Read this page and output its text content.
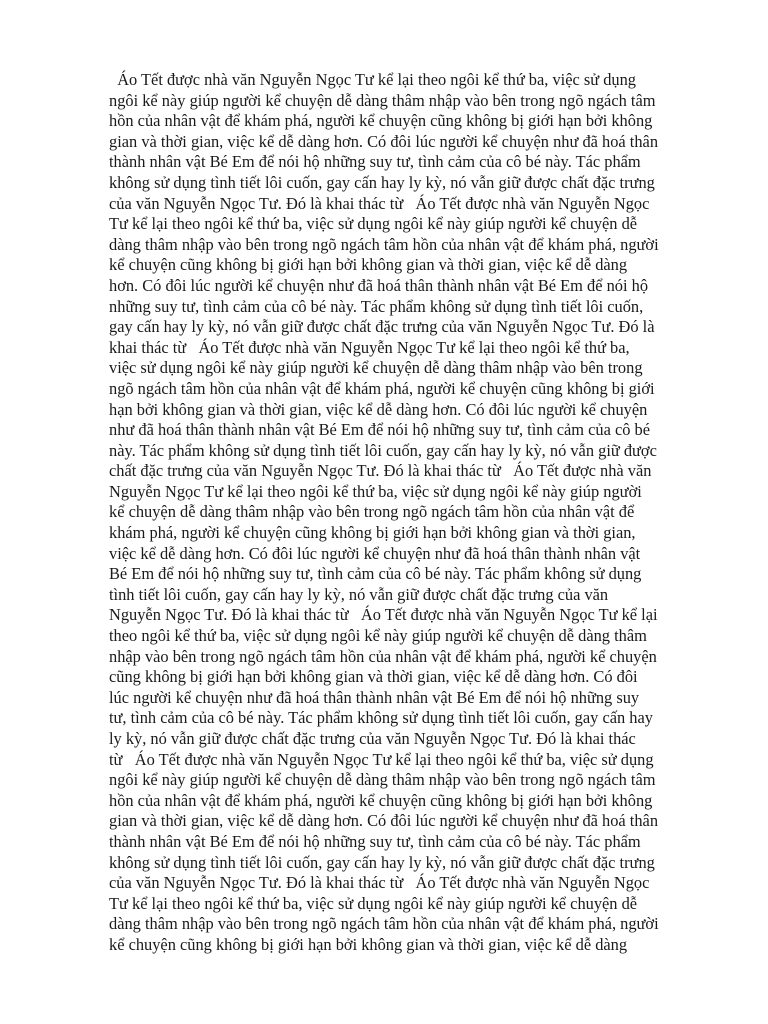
Áo Tết được nhà văn Nguyễn Ngọc Tư kể lại theo ngôi kể thứ ba, việc sử dụng
ngôi kể này giúp người kể chuyện dễ dàng thâm nhập vào bên trong ngõ ngách tâm
hồn của nhân vật để khám phá, người kể chuyện cũng không bị giới hạn bởi không
gian và thời gian, việc kể dễ dàng hơn. Có đôi lúc người kể chuyện như đã hoá thân
thành nhân vật Bé Em để nói hộ những suy tư, tình cảm của cô bé này. Tác phẩm
không sử dụng tình tiết lôi cuốn, gay cấn hay ly kỳ, nó vẫn giữ được chất đặc trưng
của văn Nguyễn Ngọc Tư. Đó là khai thác từ   Áo Tết được nhà văn Nguyễn Ngọc
Tư kể lại theo ngôi kể thứ ba, việc sử dụng ngôi kể này giúp người kể chuyện dễ
dàng thâm nhập vào bên trong ngõ ngách tâm hồn của nhân vật để khám phá, người
kể chuyện cũng không bị giới hạn bởi không gian và thời gian, việc kể dễ dàng
hơn. Có đôi lúc người kể chuyện như đã hoá thân thành nhân vật Bé Em để nói hộ
những suy tư, tình cảm của cô bé này. Tác phẩm không sử dụng tình tiết lôi cuốn,
gay cấn hay ly kỳ, nó vẫn giữ được chất đặc trưng của văn Nguyễn Ngọc Tư. Đó là
khai thác từ   Áo Tết được nhà văn Nguyễn Ngọc Tư kể lại theo ngôi kể thứ ba,
việc sử dụng ngôi kể này giúp người kể chuyện dễ dàng thâm nhập vào bên trong
ngõ ngách tâm hồn của nhân vật để khám phá, người kể chuyện cũng không bị giới
hạn bởi không gian và thời gian, việc kể dễ dàng hơn. Có đôi lúc người kể chuyện
như đã hoá thân thành nhân vật Bé Em để nói hộ những suy tư, tình cảm của cô bé
này. Tác phẩm không sử dụng tình tiết lôi cuốn, gay cấn hay ly kỳ, nó vẫn giữ được
chất đặc trưng của văn Nguyễn Ngọc Tư. Đó là khai thác từ   Áo Tết được nhà văn
Nguyễn Ngọc Tư kể lại theo ngôi kể thứ ba, việc sử dụng ngôi kể này giúp người
kể chuyện dễ dàng thâm nhập vào bên trong ngõ ngách tâm hồn của nhân vật để
khám phá, người kể chuyện cũng không bị giới hạn bởi không gian và thời gian,
việc kể dễ dàng hơn. Có đôi lúc người kể chuyện như đã hoá thân thành nhân vật
Bé Em để nói hộ những suy tư, tình cảm của cô bé này. Tác phẩm không sử dụng
tình tiết lôi cuốn, gay cấn hay ly kỳ, nó vẫn giữ được chất đặc trưng của văn
Nguyễn Ngọc Tư. Đó là khai thác từ   Áo Tết được nhà văn Nguyễn Ngọc Tư kể lại
theo ngôi kể thứ ba, việc sử dụng ngôi kể này giúp người kể chuyện dễ dàng thâm
nhập vào bên trong ngõ ngách tâm hồn của nhân vật để khám phá, người kể chuyện
cũng không bị giới hạn bởi không gian và thời gian, việc kể dễ dàng hơn. Có đôi
lúc người kể chuyện như đã hoá thân thành nhân vật Bé Em để nói hộ những suy
tư, tình cảm của cô bé này. Tác phẩm không sử dụng tình tiết lôi cuốn, gay cấn hay
ly kỳ, nó vẫn giữ được chất đặc trưng của văn Nguyễn Ngọc Tư. Đó là khai thác
từ   Áo Tết được nhà văn Nguyễn Ngọc Tư kể lại theo ngôi kể thứ ba, việc sử dụng
ngôi kể này giúp người kể chuyện dễ dàng thâm nhập vào bên trong ngõ ngách tâm
hồn của nhân vật để khám phá, người kể chuyện cũng không bị giới hạn bởi không
gian và thời gian, việc kể dễ dàng hơn. Có đôi lúc người kể chuyện như đã hoá thân
thành nhân vật Bé Em để nói hộ những suy tư, tình cảm của cô bé này. Tác phẩm
không sử dụng tình tiết lôi cuốn, gay cấn hay ly kỳ, nó vẫn giữ được chất đặc trưng
của văn Nguyễn Ngọc Tư. Đó là khai thác từ   Áo Tết được nhà văn Nguyễn Ngọc
Tư kể lại theo ngôi kể thứ ba, việc sử dụng ngôi kể này giúp người kể chuyện dễ
dàng thâm nhập vào bên trong ngõ ngách tâm hồn của nhân vật để khám phá, người
kể chuyện cũng không bị giới hạn bởi không gian và thời gian, việc kể dễ dàng
